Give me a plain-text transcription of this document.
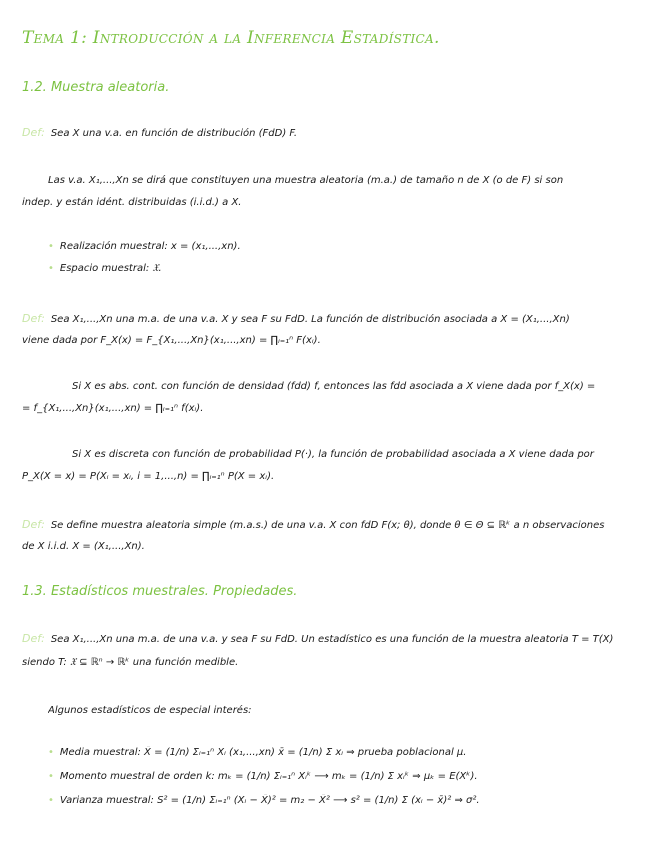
Tema 1: Introducción a la Inferencia Estadística.
1.2. Muestra aleatoria.
Def: Sea X una v.a. en función de distribución (FdD) F.
Las v.a. X₁,...,Xn se dirá que constituyen una muestra aleatoria (m.a.) de tamaño n de X (o de F) si son
indep. y están idént. distribuidas (i.i.d.) a X.
• Realización muestral: x = (x₁,...,xn).
• Espacio muestral: 𝔛.
Def: Sea X₁,...,Xn una m.a. de una v.a. X y sea F su FdD. La función de distribución asociada a X = (X₁,...,Xn)
viene dada por F_X(x) = F_{X₁,...,Xn}(x₁,...,xn) = ∏ᵢ₌₁ⁿ F(xᵢ).
Si X es abs. cont. con función de densidad (fdd) f, entonces las fdd asociada a X viene dada por f_X(x) =
= f_{X₁,...,Xn}(x₁,...,xn) = ∏ᵢ₌₁ⁿ f(xᵢ).
Si X es discreta con función de probabilidad P(·), la función de probabilidad asociada a X viene dada por
P_X(X = x) = P(Xᵢ = xᵢ, i = 1,...,n) = ∏ᵢ₌₁ⁿ P(X = xᵢ).
Def: Se define muestra aleatoria simple (m.a.s.) de una v.a. X con fdD F(x; θ), donde θ ∈ Θ ⊆ ℝᵏ a n observaciones
de X i.i.d. X = (X₁,...,Xn).
1.3. Estadísticos muestrales. Propiedades.
Def: Sea X₁,...,Xn una m.a. de una v.a. y sea F su FdD. Un estadístico es una función de la muestra aleatoria T = T(X)
siendo T: 𝔛 ⊆ ℝⁿ → ℝᵏ una función medible.
Algunos estadísticos de especial interés:
• Media muestral: X̄ = (1/n) Σᵢ₌₁ⁿ Xᵢ (x₁,...,xn) x̄ = (1/n) Σ xᵢ ⇒ prueba poblacional μ.
• Momento muestral de orden k: mₖ = (1/n) Σᵢ₌₁ⁿ Xᵢᵏ ⟶ mₖ = (1/n) Σ xᵢᵏ ⇒ μₖ = E(Xᵏ).
• Varianza muestral: S² = (1/n) Σᵢ₌₁ⁿ (Xᵢ − X̄)² = m₂ − X̄² ⟶ s² = (1/n) Σ (xᵢ − x̄)² ⇒ σ².
